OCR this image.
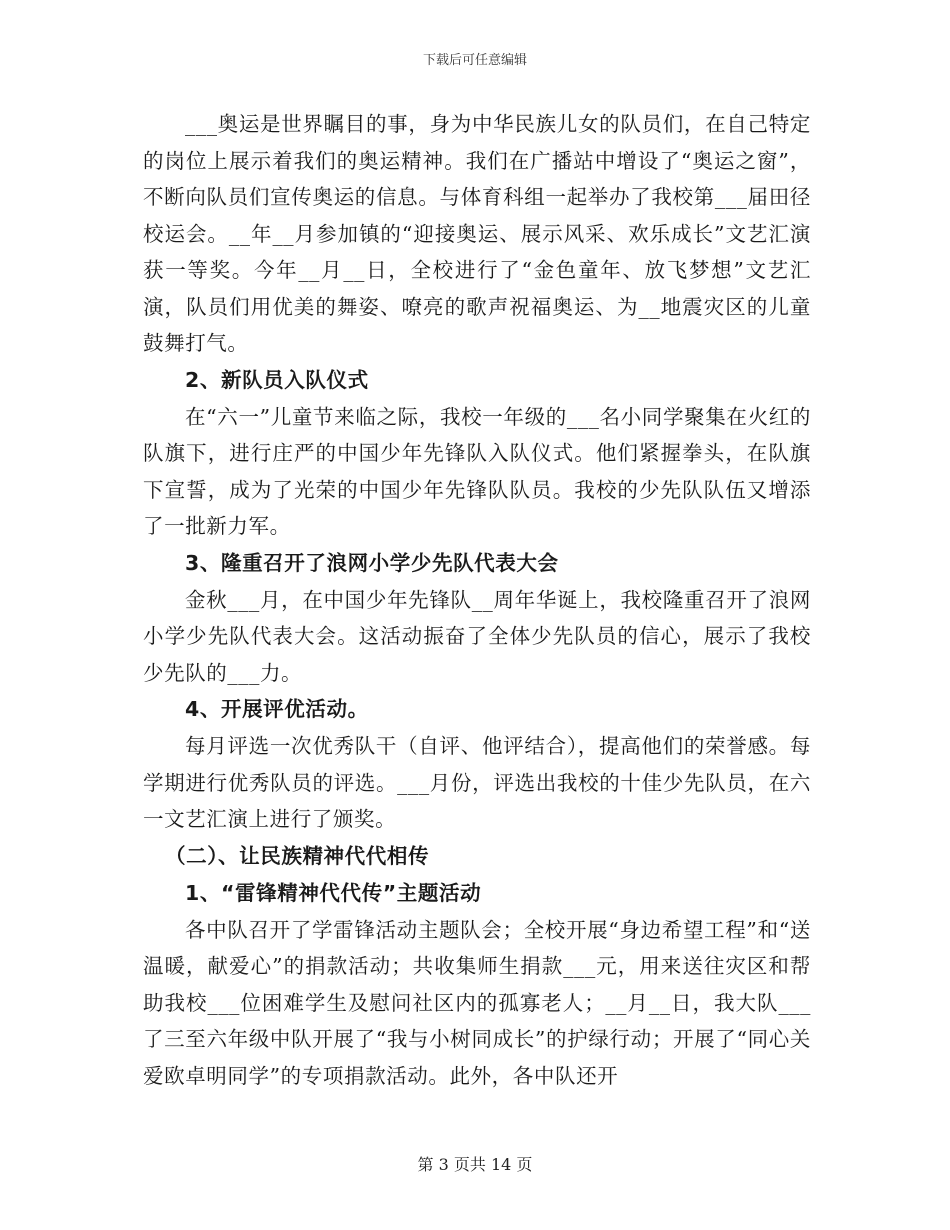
下载后可任意编辑

___奥运是世界瞩目的事，身为中华民族儿女的队员们，在自己特定的岗位上展示着我们的奥运精神。我们在广播站中增设了“奥运之窗”，不断向队员们宣传奥运的信息。与体育科组一起举办了我校第___届田径校运会。__年__月参加镇的“迎接奥运、展示风采、欢乐成长”文艺汇演获一等奖。今年__月__日，全校进行了“金色童年、放飞梦想”文艺汇演，队员们用优美的舞姿、嘹亮的歌声祝福奥运、为__地震灾区的儿童鼓舞打气。

2、新队员入队仪式

在“六一”儿童节来临之际，我校一年级的___名小同学聚集在火红的队旗下，进行庄严的中国少年先锋队入队仪式。他们紧握拳头，在队旗下宣誓，成为了光荣的中国少年先锋队队员。我校的少先队队伍又增添了一批新力军。

3、隆重召开了浪网小学少先队代表大会

金秋___月，在中国少年先锋队__周年华诞上，我校隆重召开了浪网小学少先队代表大会。这活动振奋了全体少先队员的信心，展示了我校少先队的___力。

4、开展评优活动。

每月评选一次优秀队干（自评、他评结合），提高他们的荣誉感。每学期进行优秀队员的评选。___月份，评选出我校的十佳少先队员，在六一文艺汇演上进行了颁奖。

（二）、让民族精神代代相传

1、“雷锋精神代代传”主题活动

各中队召开了学雷锋活动主题队会；全校开展“身边希望工程”和“送温暖，献爱心”的捐款活动；共收集师生捐款___元，用来送往灾区和帮助我校___位困难学生及慰问社区内的孤寡老人；__月__日，我大队___了三至六年级中队开展了“我与小树同成长”的护绿行动；开展了“同心关爱欧卓明同学”的专项捐款活动。此外，各中队还开

第 3 页共 14 页
